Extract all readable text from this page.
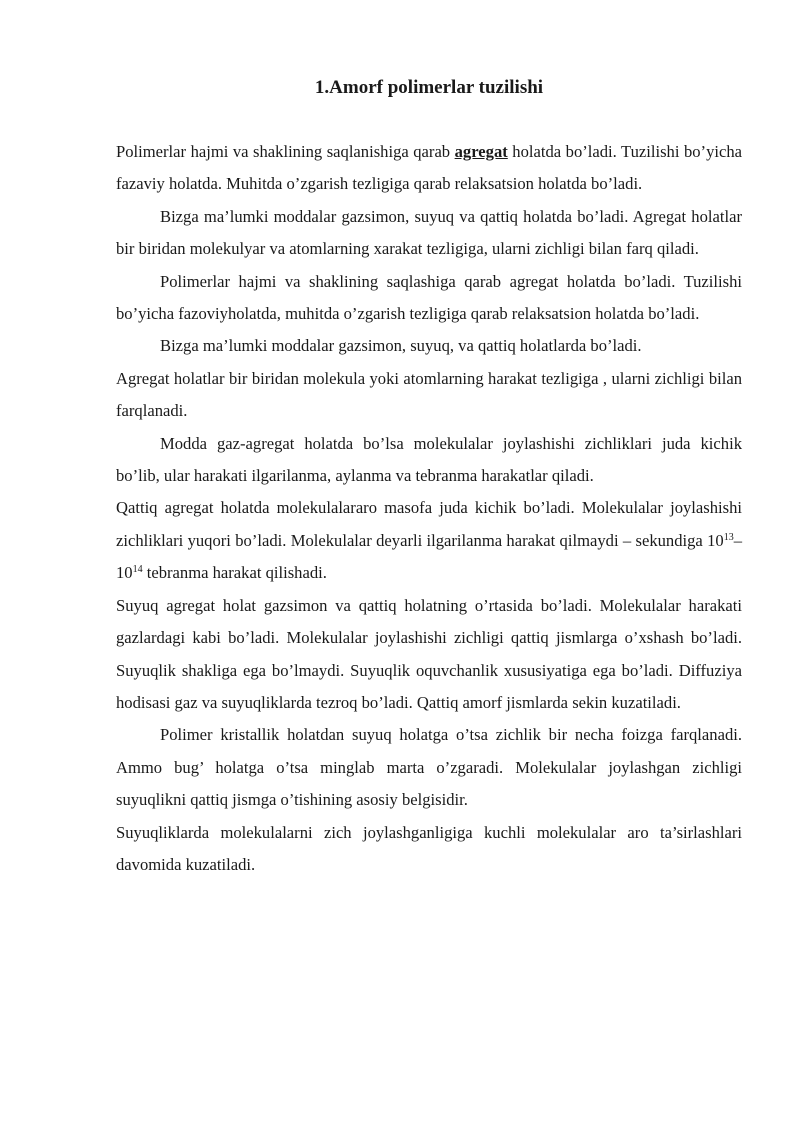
1.Amorf polimerlar tuzilishi

Polimerlar hajmi va shaklining saqlanishiga qarab agregat holatda bo’ladi. Tuzilishi bo’yicha fazaviy holatda. Muhitda o’zgarish tezligiga qarab relaksatsion holatda bo’ladi.

Bizga ma’lumki moddalar gazsimon, suyuq va qattiq holatda bo’ladi. Agregat holatlar bir biridan molekulyar va atomlarning xarakat tezligiga, ularni zichligi bilan farq qiladi.

Polimerlar hajmi va shaklining saqlashiga qarab agregat holatda bo’ladi. Tuzilishi bo’yicha fazoviyholatda, muhitda o’zgarish tezligiga qarab relaksatsion holatda bo’ladi.

Bizga ma’lumki moddalar gazsimon, suyuq, va qattiq holatlarda bo’ladi.

Agregat holatlar bir biridan molekula yoki atomlarning harakat tezligiga , ularni zichligi bilan farqlanadi.

Modda gaz-agregat holatda bo’lsa molekulalar joylashishi zichliklari juda kichik bo’lib, ular harakati ilgarilanma, aylanma va tebranma harakatlar qiladi.

Qattiq agregat holatda molekulalararo masofa juda kichik bo’ladi. Molekulalar joylashishi zichliklari yuqori bo’ladi. Molekulalar deyarli ilgarilanma harakat qilmaydi – sekundiga $10^{13}-10^{14}$ tebranma harakat qilishadi.

Suyuq agregat holat gazsimon va qattiq holatning o’rtasida bo’ladi. Molekulalar harakati gazlardagi kabi bo’ladi. Molekulalar joylashishi zichligi qattiq jismlarga o’xshash bo’ladi. Suyuqlik shakliga ega bo’lmaydi. Suyuqlik oquvchanlik xususiyatiga ega bo’ladi. Diffuziya hodisasi gaz va suyuqliklarda tezroq bo’ladi. Qattiq amorf jismlarda sekin kuzatiladi.

Polimer kristallik holatdan suyuq holatga o’tsa zichlik bir necha foizga farqlanadi. Ammo bug’ holatga o’tsa minglab marta o’zgaradi. Molekulalar joylashgan zichligi suyuqlikni qattiq jismga o’tishining asosiy belgisidir.

Suyuqliklarda molekulalarni zich joylashganligiga kuchli molekulalar aro ta’sirlashlari davomida kuzatiladi.
